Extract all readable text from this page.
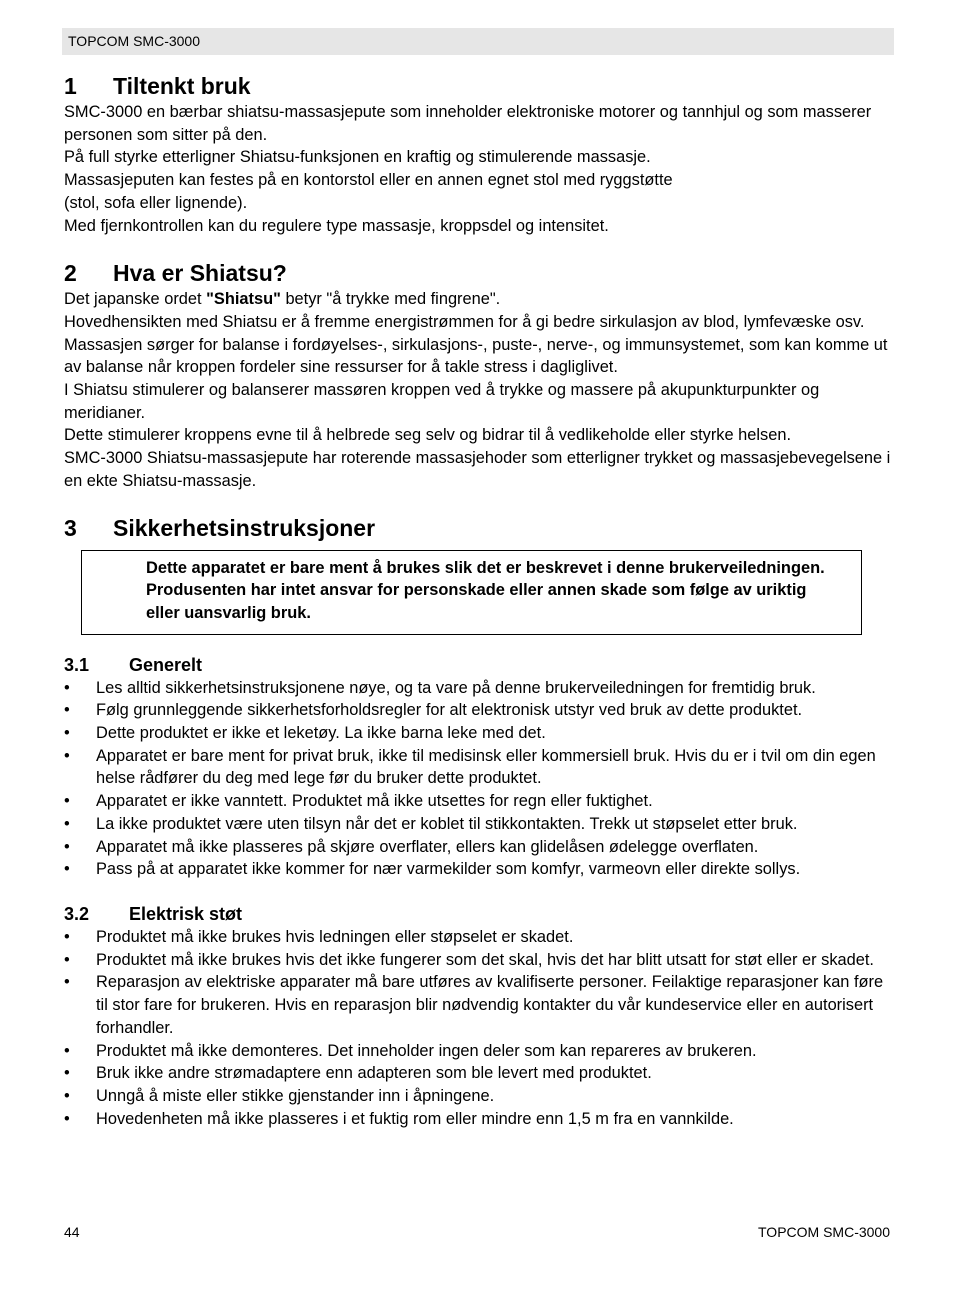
TOPCOM SMC-3000
1	Tiltenkt bruk

SMC-3000 en bærbar shiatsu-massasjepute som inneholder elektroniske motorer og tannhjul og som masserer personen som sitter på den.

På full styrke etterligner Shiatsu-funksjonen en kraftig og stimulerende massasje.

Massasjeputen kan festes på en kontorstol eller en annen egnet stol med ryggstøtte

(stol, sofa eller lignende).

Med fjernkontrollen kan du regulere type massasje, kroppsdel og intensitet.

2	Hva er Shiatsu?

Det japanske ordet "Shiatsu" betyr "å trykke med fingrene".

Hovedhensikten med Shiatsu er å fremme energistrømmen for å gi bedre sirkulasjon av blod, lymfevæske osv. Massasjen sørger for balanse i fordøyelses-, sirkulasjons-, puste-, nerve-, og immunsystemet, som kan komme ut av balanse når kroppen fordeler sine ressurser for å takle stress i dagliglivet.

I Shiatsu stimulerer og balanserer massøren kroppen ved å trykke og massere på akupunkturpunkter og meridianer.

Dette stimulerer kroppens evne til å helbrede seg selv og bidrar til å vedlikeholde eller styrke helsen.

SMC-3000 Shiatsu-massasjepute har roterende massasjehoder som etterligner trykket og massasjebevegelsene i en ekte Shiatsu-massasje.

3	Sikkerhetsinstruksjoner
Dette apparatet er bare ment å brukes slik det er beskrevet i denne brukerveiledningen. Produsenten har intet ansvar for personskade eller annen skade som følge av uriktig eller uansvarlig bruk.
3.1	Generelt
• Les alltid sikkerhetsinstruksjonene nøye, og ta vare på denne brukerveiledningen for fremtidig bruk.
• Følg grunnleggende sikkerhetsforholdsregler for alt elektronisk utstyr ved bruk av dette produktet.
• Dette produktet er ikke et leketøy. La ikke barna leke med det.
• Apparatet er bare ment for privat bruk, ikke til medisinsk eller kommersiell bruk. Hvis du er i tvil om din egen helse rådfører du deg med lege før du bruker dette produktet.
• Apparatet er ikke vanntett. Produktet må ikke utsettes for regn eller fuktighet.
• La ikke produktet være uten tilsyn når det er koblet til stikkontakten. Trekk ut støpselet etter bruk.
• Apparatet må ikke plasseres på skjøre overflater, ellers kan glidelåsen ødelegge overflaten.
• Pass på at apparatet ikke kommer for nær varmekilder som komfyr, varmeovn eller direkte sollys.
3.2	Elektrisk støt
• Produktet må ikke brukes hvis ledningen eller støpselet er skadet.
• Produktet må ikke brukes hvis det ikke fungerer som det skal, hvis det har blitt utsatt for støt eller er skadet.
• Reparasjon av elektriske apparater må bare utføres av kvalifiserte personer. Feilaktige reparasjoner kan føre til stor fare for brukeren. Hvis en reparasjon blir nødvendig kontakter du vår kundeservice eller en autorisert forhandler.
• Produktet må ikke demonteres. Det inneholder ingen deler som kan repareres av brukeren.
• Bruk ikke andre strømadaptere enn adapteren som ble levert med produktet.
• Unngå å miste eller stikke gjenstander inn i åpningene.
• Hovedenheten må ikke plasseres i et fuktig rom eller mindre enn 1,5 m fra en vannkilde.
44	TOPCOM SMC-3000
